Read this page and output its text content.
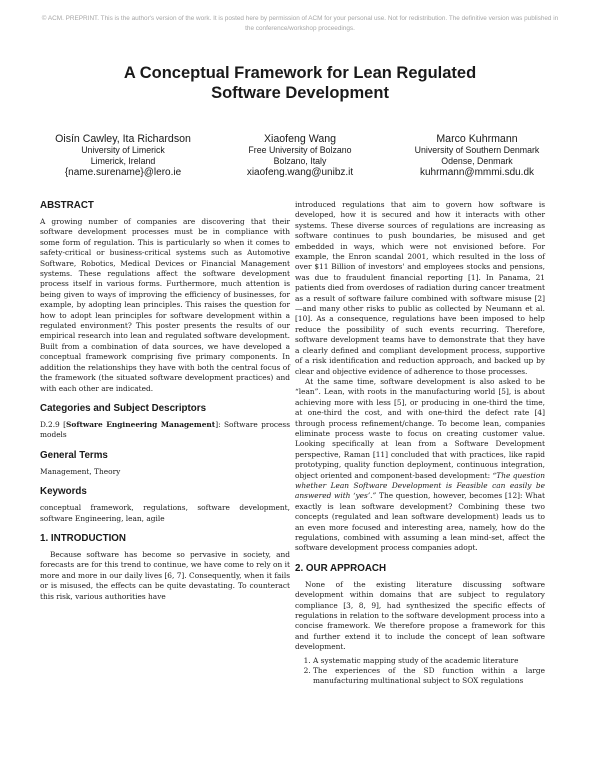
© ACM. PREPRINT. This is the author's version of the work. It is posted here by permission of ACM for your personal use. Not for redistribution. The definitive version was published in the conference/workshop proceedings.
A Conceptual Framework for Lean Regulated
Software Development
Oisín Cawley, Ita Richardson
University of Limerick
Limerick, Ireland
{name.surename}@lero.ie
Xiaofeng Wang
Free University of Bolzano
Bolzano, Italy
xiaofeng.wang@unibz.it
Marco Kuhrmann
University of Southern Denmark
Odense, Denmark
kuhrmann@mmmi.sdu.dk
ABSTRACT

A growing number of companies are discovering that their software development processes must be in compliance with some form of regulation. This is particularly so when it comes to safety-critical or business-critical systems such as Automotive Software, Robotics, Medical Devices or Financial Management systems. These regulations affect the software development process itself in various forms. Furthermore, much attention is being given to ways of improving the efficiency of businesses, for example, by adopting lean principles. This raises the question for how to adopt lean principles for software development within a regulated environment? This poster presents the results of our empirical research into lean and regulated software development. Built from a combination of data sources, we have developed a conceptual framework comprising five primary components. In addition the relationships they have with both the central focus of the framework (the situated software development practices) and with each other are indicated.

Categories and Subject Descriptors

D.2.9 [Software Engineering Management]: Software process models

General Terms

Management, Theory

Keywords

conceptual framework, regulations, software development, software Engineering, lean, agile

1. INTRODUCTION

Because software has become so pervasive in society, and forecasts are for this trend to continue, we have come to rely on it more and more in our daily lives [6, 7]. Consequently, when it fails or is misused, the effects can be quite devastating. To counteract this risk, various authorities have

introduced regulations that aim to govern how software is developed, how it is secured and how it interacts with other systems. These diverse sources of regulations are increasing as software continues to push boundaries, be misused and get embedded in ways, which were not envisioned before. For example, the Enron scandal 2001, which resulted in the loss of over $11 Billion of investors' and employees stocks and pensions, was due to fraudulent financial reporting [1]. In Panama, 21 patients died from overdoses of radiation during cancer treatment as a result of software failure combined with software misuse [2]—and many other risks to public as collected by Neumann et al. [10]. As a consequence, regulations have been imposed to help reduce the possibility of such events recurring. Therefore, software development teams have to demonstrate that they have a clearly defined and compliant development process, supportive of a risk identification and reduction approach, and backed up by clear and objective evidence of adherence to those processes.

At the same time, software development is also asked to be “lean”. Lean, with roots in the manufacturing world [5], is about achieving more with less [5], or producing in one-third the time, at one-third the cost, and with one-third the defect rate [4] through process refinement/change. To become lean, companies eliminate process waste to focus on creating customer value. Looking specifically at lean from a Software Development perspective, Raman [11] concluded that with practices, like rapid prototyping, quality function deployment, continuous integration, object oriented and component-based development: “The question whether Lean Software Development is Feasible can easily be answered with ‘yes’.” The question, however, becomes [12]: What exactly is lean software development? Combining these two concepts (regulated and lean software development) leads us to an even more focused and interesting area, namely, how do the regulations, combined with assuming a lean mind-set, affect the software development process companies adopt.

2. OUR APPROACH

None of the existing literature discussing software development within domains that are subject to regulatory compliance [3, 8, 9], had synthesized the specific effects of regulations in relation to the software development process into a concise framework. We therefore propose a framework for this and further extend it to include the concept of lean software development.

1. A systematic mapping study of the academic literature
2. The experiences of the SD function within a large manufacturing multinational subject to SOX regulations
